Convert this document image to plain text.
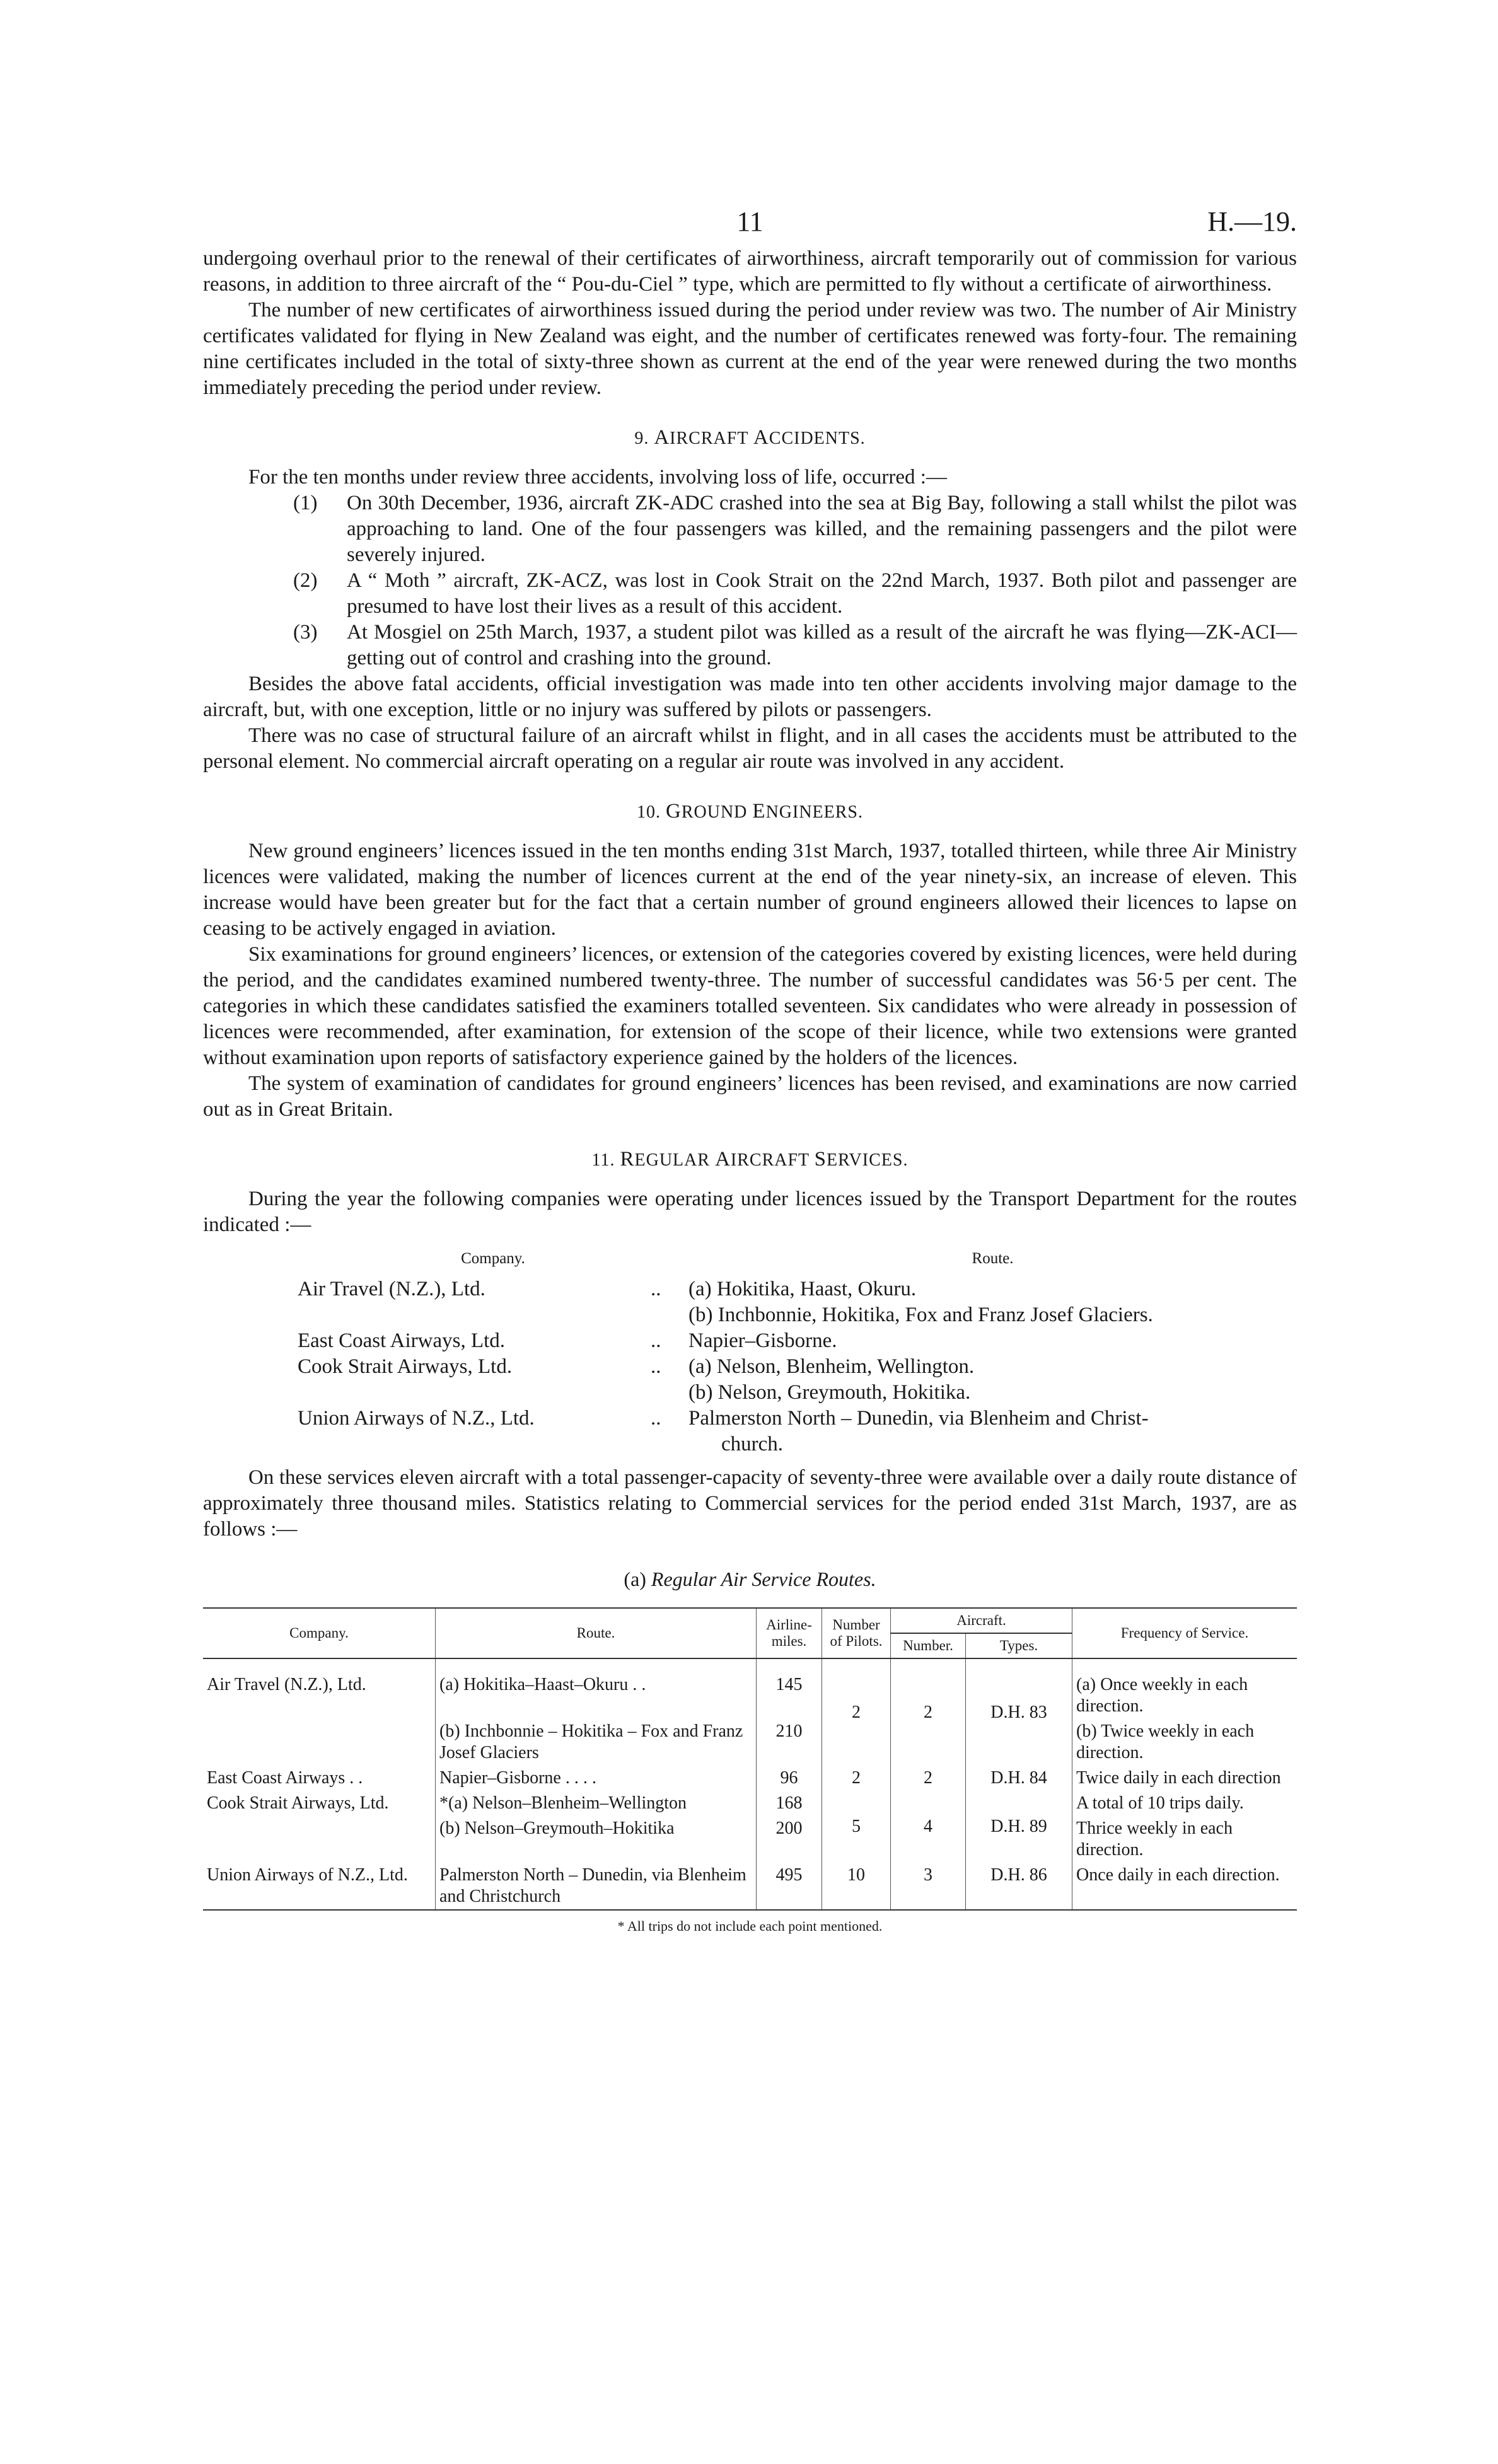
11	H.—19.

undergoing overhaul prior to the renewal of their certificates of airworthiness, aircraft temporarily out of commission for various reasons, in addition to three aircraft of the “ Pou-du-Ciel ” type, which are permitted to fly without a certificate of airworthiness.

The number of new certificates of airworthiness issued during the period under review was two. The number of Air Ministry certificates validated for flying in New Zealand was eight, and the number of certificates renewed was forty-four. The remaining nine certificates included in the total of sixty-three shown as current at the end of the year were renewed during the two months immediately preceding the period under review.

9. AIRCRAFT ACCIDENTS.

For the ten months under review three accidents, involving loss of life, occurred :—

(1)	On 30th December, 1936, aircraft ZK-ADC crashed into the sea at Big Bay, following a stall whilst the pilot was approaching to land. One of the four passengers was killed, and the remaining passengers and the pilot were severely injured.
(2)	A “ Moth ” aircraft, ZK-ACZ, was lost in Cook Strait on the 22nd March, 1937. Both pilot and passenger are presumed to have lost their lives as a result of this accident.
(3)	At Mosgiel on 25th March, 1937, a student pilot was killed as a result of the aircraft he was flying—ZK-ACI—getting out of control and crashing into the ground.

Besides the above fatal accidents, official investigation was made into ten other accidents involving major damage to the aircraft, but, with one exception, little or no injury was suffered by pilots or passengers.

There was no case of structural failure of an aircraft whilst in flight, and in all cases the accidents must be attributed to the personal element. No commercial aircraft operating on a regular air route was involved in any accident.

10. GROUND ENGINEERS.

New ground engineers’ licences issued in the ten months ending 31st March, 1937, totalled thirteen, while three Air Ministry licences were validated, making the number of licences current at the end of the year ninety-six, an increase of eleven. This increase would have been greater but for the fact that a certain number of ground engineers allowed their licences to lapse on ceasing to be actively engaged in aviation.

Six examinations for ground engineers’ licences, or extension of the categories covered by existing licences, were held during the period, and the candidates examined numbered twenty-three. The number of successful candidates was 56·5 per cent. The categories in which these candidates satisfied the examiners totalled seventeen. Six candidates who were already in possession of licences were recommended, after examination, for extension of the scope of their licence, while two extensions were granted without examination upon reports of satisfactory experience gained by the holders of the licences.

The system of examination of candidates for ground engineers’ licences has been revised, and examinations are now carried out as in Great Britain.

11. REGULAR AIRCRAFT SERVICES.

During the year the following companies were operating under licences issued by the Transport Department for the routes indicated :—

Company.	Route.
Air Travel (N.Z.), Ltd.	..	(a) Hokitika, Haast, Okuru.
(b) Inchbonnie, Hokitika, Fox and Franz Josef Glaciers.
East Coast Airways, Ltd.	..	Napier–Gisborne.
Cook Strait Airways, Ltd.	..	(a) Nelson, Blenheim, Wellington.
(b) Nelson, Greymouth, Hokitika.
Union Airways of N.Z., Ltd.	..	Palmerston North – Dunedin, via Blenheim and Christ-
church.

On these services eleven aircraft with a total passenger-capacity of seventy-three were available over a daily route distance of approximately three thousand miles. Statistics relating to Commercial services for the period ended 31st March, 1937, are as follows :—

(a) Regular Air Service Routes.
Company.	Route.	Airline-miles.	Number of Pilots.	Aircraft.		Frequency of Service.
				Number.	Types.	
Air Travel (N.Z.), Ltd.	(a) Hokitika–Haast–Okuru . .	145	2	2	D.H. 83	(a) Once weekly in each direction.
	(b) Inchbonnie – Hokitika – Fox and Franz Josef Glaciers	210				(b) Twice weekly in each direction.
East Coast Airways . .	Napier–Gisborne . . . .	96	2	2	D.H. 84	Twice daily in each direction
Cook Strait Airways, Ltd.	*(a) Nelson–Blenheim–Wellington	168	5	4	D.H. 89	A total of 10 trips daily.
	(b) Nelson–Greymouth–Hokitika	200				Thrice weekly in each direction.
Union Airways of N.Z., Ltd.	Palmerston North – Dunedin, via Blenheim and Christchurch	495	10	3	D.H. 86	Once daily in each direction.
* All trips do not include each point mentioned.
